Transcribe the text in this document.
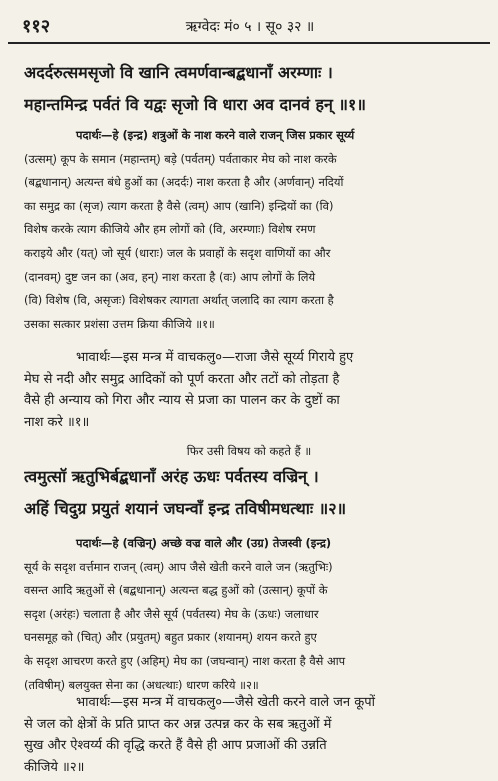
११२	ऋग्वेदः मं० ५ । सू० ३२ ॥
अदर्दरुत्समसृजो वि खानि त्वमर्णवान्बद्बधानाँ अरम्णाः ।
महान्तमिन्द्र पर्वतं वि यद्वः सृजो वि धारा अव दानवं हन् ॥१॥
पदार्थः—हे (इन्द्र) शत्रुओं के नाश करने वाले राजन् जिस प्रकार सूर्य्य
(उत्सम्) कूप के समान (महान्तम्) बड़े (पर्वतम्) पर्वताकार मेघ को नाश करके
(बद्बधानान्) अत्यन्त बंधे हुओं का (अदर्दः) नाश करता है और (अर्णवान्) नदियों
का समुद्र का (सृज) त्याग करता है वैसे (त्वम्) आप (खानि) इन्द्रियों का (वि)
विशेष करके त्याग कीजिये और हम लोगों को (वि, अरम्णाः) विशेष रमण
कराइये और (यत्) जो सूर्य (धाराः) जल के प्रवाहों के सदृश वाणियों का और
(दानवम्) दुष्ट जन का (अव, हन्) नाश करता है (वः) आप लोगों के लिये
(वि) विशेष (वि, असृजः) विशेषकर त्यागता अर्थात् जलादि का त्याग करता है
उसका सत्कार प्रशंसा उत्तम क्रिया कीजिये ॥१॥
भावार्थः—इस मन्त्र में वाचकलु०—राजा जैसे सूर्य्य गिराये हुए
मेघ से नदी और समुद्र आदिकों को पूर्ण करता और तटों को तोड़ता है
वैसे ही अन्याय को गिरा और न्याय से प्रजा का पालन कर के दुष्टों का
नाश करे ॥१॥
फिर उसी विषय को कहते हैं ॥
त्वमुत्सॉ ऋतुभिर्बद्बधानाँ अरंह ऊधः पर्वतस्य वज्रिन् ।
अहिं चिदुग्र प्रयुतं शयानं जघन्वाँ इन्द्र तविषीमधत्थाः ॥२॥
पदार्थः—हे (वज्रिन्) अच्छे वज्र वाले और (उग्र) तेजस्वी (इन्द्र)
सूर्य के सदृश वर्त्तमान राजन् (त्वम्) आप जैसे खेती करने वाले जन (ऋतुभिः)
वसन्त आदि ऋतुओं से (बद्बधानान्) अत्यन्त बद्ध हुओं को (उत्सान्) कूपों के
सदृश (अरंहः) चलाता है और जैसे सूर्य (पर्वतस्य) मेघ के (ऊधः) जलाधार
घनसमूह को (चित्) और (प्रयुतम्) बहुत प्रकार (शयानम्) शयन करते हुए
के सदृश आचरण करते हुए (अहिम्) मेघ का (जघन्वान्) नाश करता है वैसे आप
(तविषीम्) बलयुक्त सेना का (अधत्थाः) धारण करिये ॥२॥
भावार्थः—इस मन्त्र में वाचकलु०—जैसे खेती करने वाले जन कूपों
से जल को क्षेत्रों के प्रति प्राप्त कर अन्न उत्पन्न कर के सब ऋतुओं में
सुख और ऐश्वर्य्य की वृद्धि करते हैं वैसे ही आप प्रजाओं की उन्नति
कीजिये ॥२॥
